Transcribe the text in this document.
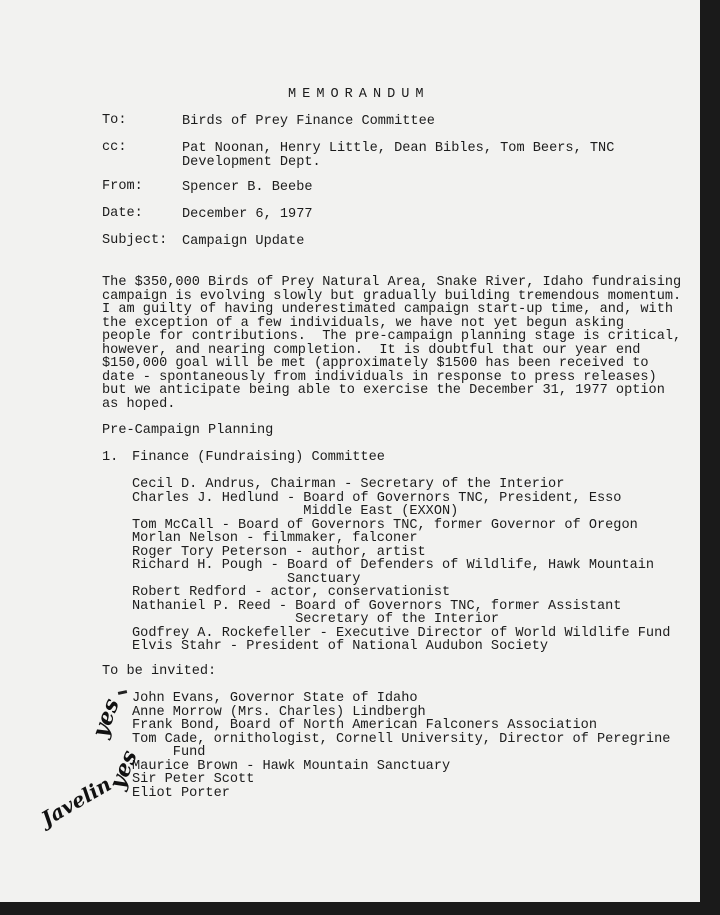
MEMORANDUM
To:	Birds of Prey Finance Committee
cc:	Pat Noonan, Henry Little, Dean Bibles, Tom Beers, TNC
Development Dept.
From:	Spencer B. Beebe
Date:	December 6, 1977
Subject: Campaign Update
The $350,000 Birds of Prey Natural Area, Snake River, Idaho fundraising
campaign is evolving slowly but gradually building tremendous momentum.
I am guilty of having underestimated campaign start-up time, and, with
the exception of a few individuals, we have not yet begun asking
people for contributions.  The pre-campaign planning stage is critical,
however, and nearing completion.  It is doubtful that our year end
$150,000 goal will be met (approximately $1500 has been received to
date - spontaneously from individuals in response to press releases)
but we anticipate being able to exercise the December 31, 1977 option
as hoped.
Pre-Campaign Planning
1. Finance (Fundraising) Committee
Cecil D. Andrus, Chairman - Secretary of the Interior
Charles J. Hedlund - Board of Governors TNC, President, Esso
Middle East (EXXON)
Tom McCall - Board of Governors TNC, former Governor of Oregon
Morlan Nelson - filmmaker, falconer
Roger Tory Peterson - author, artist
Richard H. Pough - Board of Defenders of Wildlife, Hawk Mountain
Sanctuary
Robert Redford - actor, conservationist
Nathaniel P. Reed - Board of Governors TNC, former Assistant
Secretary of the Interior
Godfrey A. Rockefeller - Executive Director of World Wildlife Fund
Elvis Stahr - President of National Audubon Society
To be invited:
John Evans, Governor State of Idaho
Anne Morrow (Mrs. Charles) Lindbergh
Frank Bond, Board of North American Falconers Association
Tom Cade, ornithologist, Cornell University, Director of Peregrine
Fund
Maurice Brown - Hawk Mountain Sanctuary
Sir Peter Scott
Eliot Porter
yes
yes
Javelin
